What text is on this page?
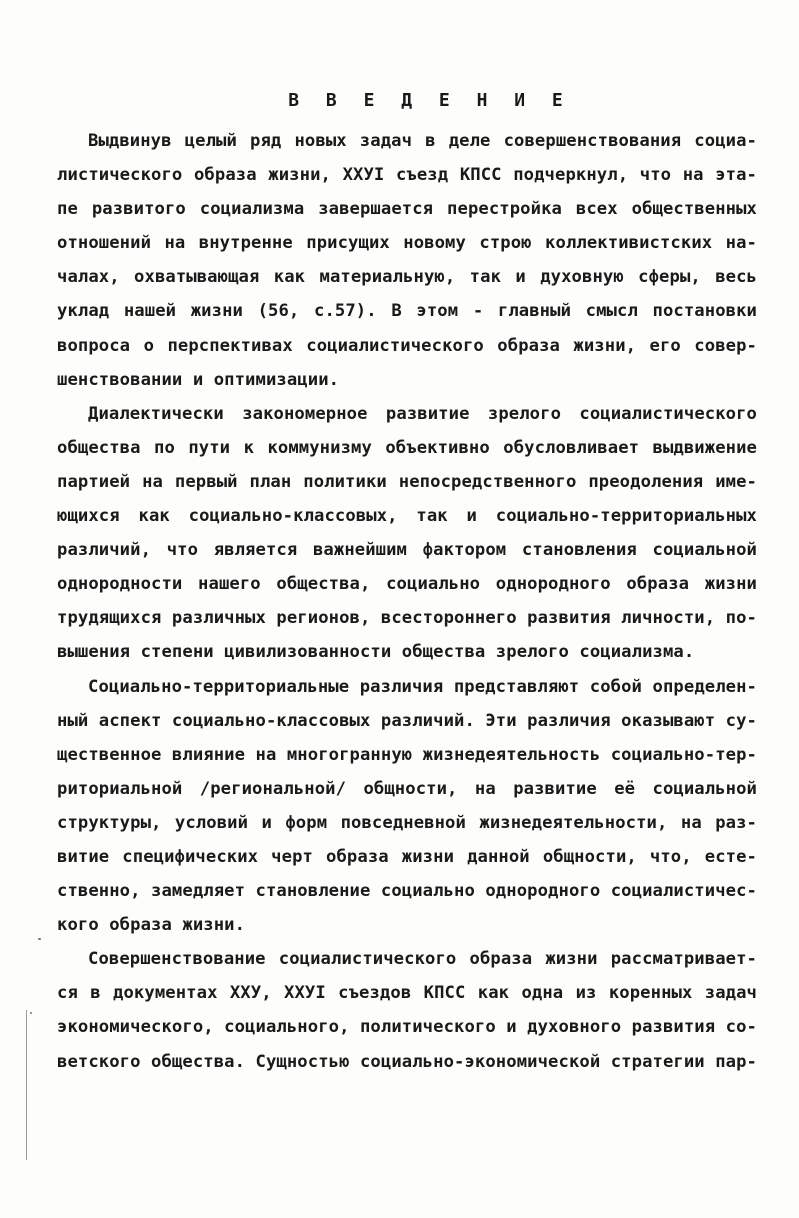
В В Е Д Е Н И Е
Выдвинув целый ряд новых задач в деле совершенствования социа-
листического образа жизни, ХХУI съезд КПСС подчеркнул, что на эта-
пе развитого социализма завершается перестройка всех общественных
отношений на внутренне присущих новому строю коллективистских на-
чалах, охватывающая как материальную, так и духовную сферы, весь
уклад нашей жизни (56, с.57). В этом - главный смысл постановки
вопроса о перспективах социалистического образа жизни, его совер-
шенствовании и оптимизации.
Диалектически закономерное развитие зрелого социалистического
общества по пути к коммунизму объективно обусловливает выдвижение
партией на первый план политики непосредственного преодоления име-
ющихся как социально-классовых, так и социально-территориальных
различий, что является важнейшим фактором становления социальной
однородности нашего общества, социально однородного образа жизни
трудящихся различных регионов, всестороннего развития личности, по-
вышения степени цивилизованности общества зрелого социализма.
Социально-территориальные различия представляют собой определен-
ный аспект социально-классовых различий. Эти различия оказывают су-
щественное влияние на многогранную жизнедеятельность социально-тер-
риториальной /региональной/ общности, на развитие её социальной
структуры, условий и форм повседневной жизнедеятельности, на раз-
витие специфических черт образа жизни данной общности, что, есте-
ственно, замедляет становление социально однородного социалистичес-
кого образа жизни.
Совершенствование социалистического образа жизни рассматривает-
ся в документах ХХУ, ХХУI съездов КПСС как одна из коренных задач
экономического, социального, политического и духовного развития со-
ветского общества. Сущностью социально-экономической стратегии пар-
